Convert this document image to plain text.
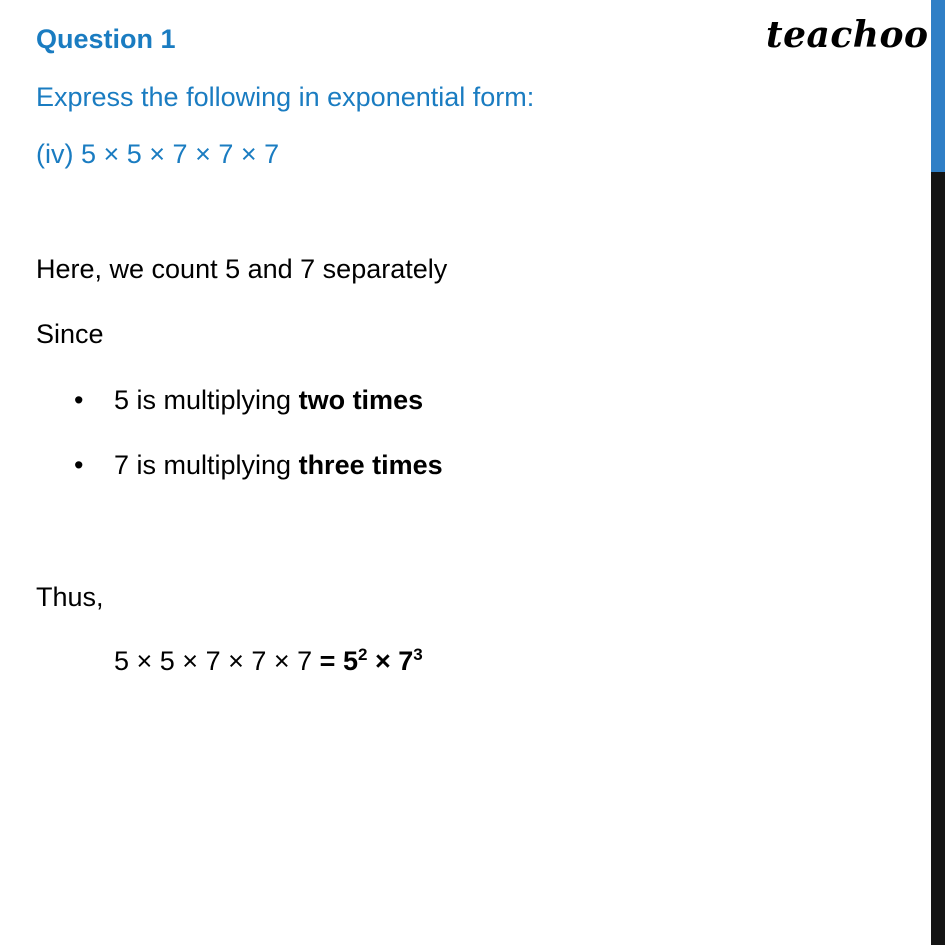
teachoo
Question 1
Express the following in exponential form:
(iv) 5 × 5 × 7 × 7 × 7
Here, we count 5 and 7 separately
Since
• 5 is multiplying two times
• 7 is multiplying three times
Thus,
$5 \times 5 \times 7 \times 7 \times 7 = 5^2 \times 7^3$
